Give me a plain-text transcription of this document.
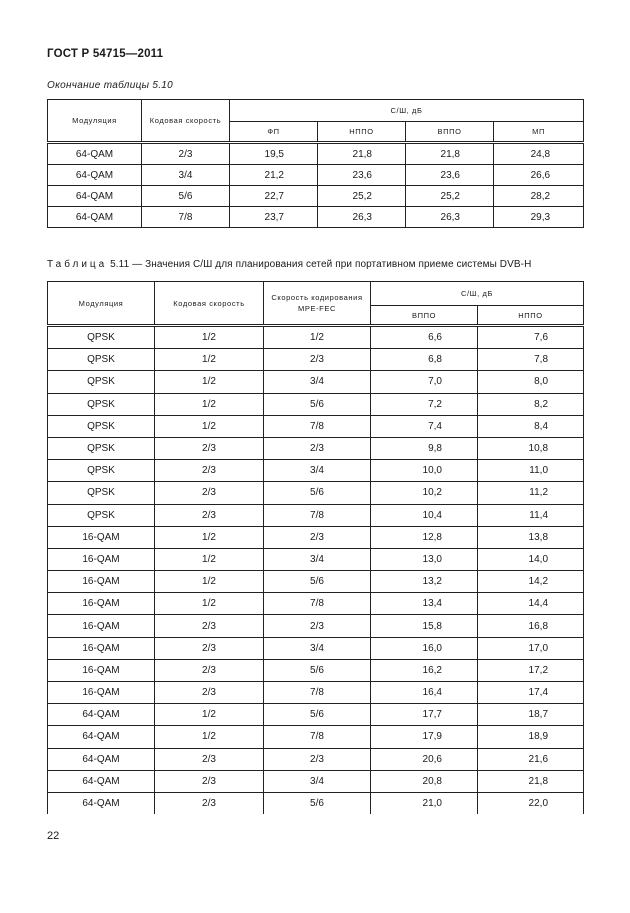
ГОСТ Р 54715—2011
Окончание таблицы 5.10
Модуляция	Кодовая скорость	С/Ш, дБ			
		ФП	НППО	ВППО	МП
64-QAM	2/3	19,5	21,8	21,8	24,8
64-QAM	3/4	21,2	23,6	23,6	26,6
64-QAM	5/6	22,7	25,2	25,2	28,2
64-QAM	7/8	23,7	26,3	26,3	29,3
Таблица 5.11 — Значения С/Ш для планирования сетей при портативном приеме системы DVB-H
Модуляция	Кодовая скорость	Скорость кодирования MPE-FEC	С/Ш, дБ	
			ВППО	НППО
QPSK	1/2	1/2	6,6	7,6
QPSK	1/2	2/3	6,8	7,8
QPSK	1/2	3/4	7,0	8,0
QPSK	1/2	5/6	7,2	8,2
QPSK	1/2	7/8	7,4	8,4
QPSK	2/3	2/3	9,8	10,8
QPSK	2/3	3/4	10,0	11,0
QPSK	2/3	5/6	10,2	11,2
QPSK	2/3	7/8	10,4	11,4
16-QAM	1/2	2/3	12,8	13,8
16-QAM	1/2	3/4	13,0	14,0
16-QAM	1/2	5/6	13,2	14,2
16-QAM	1/2	7/8	13,4	14,4
16-QAM	2/3	2/3	15,8	16,8
16-QAM	2/3	3/4	16,0	17,0
16-QAM	2/3	5/6	16,2	17,2
16-QAM	2/3	7/8	16,4	17,4
64-QAM	1/2	5/6	17,7	18,7
64-QAM	1/2	7/8	17,9	18,9
64-QAM	2/3	2/3	20,6	21,6
64-QAM	2/3	3/4	20,8	21,8
64-QAM	2/3	5/6	21,0	22,0
22
